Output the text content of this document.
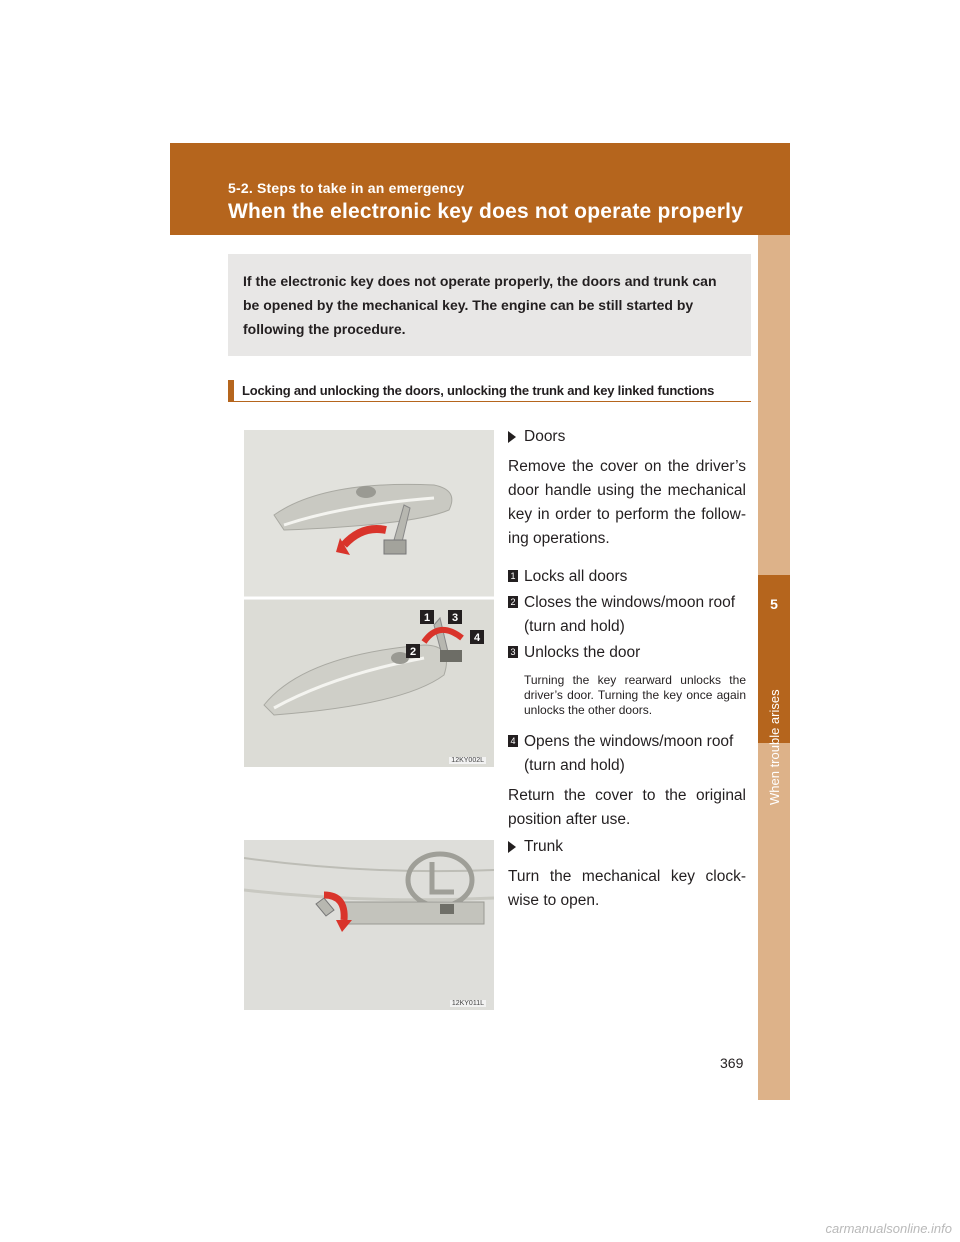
5-2. Steps to take in an emergency
When the electronic key does not operate properly
5
When trouble arises
If the electronic key does not operate properly, the doors and trunk can be opened by the mechanical key. The engine can be still started by following the procedure.
Locking and unlocking the doors, unlocking the trunk and key linked functions
1
2
3
4
12KY002L
12KY011L
Doors
Remove the cover on the driver’s door handle using the mechanical key in order to perform the follow-ing operations.
1 Locks all doors
2 Closes the windows/moon roof (turn and hold)
3 Unlocks the door
Turning the key rearward unlocks the driver’s door. Turning the key once again unlocks the other doors.
4 Opens the windows/moon roof (turn and hold)
Return the cover to the original position after use.
Trunk
Turn the mechanical key clock-wise to open.
369
carmanualsonline.info
